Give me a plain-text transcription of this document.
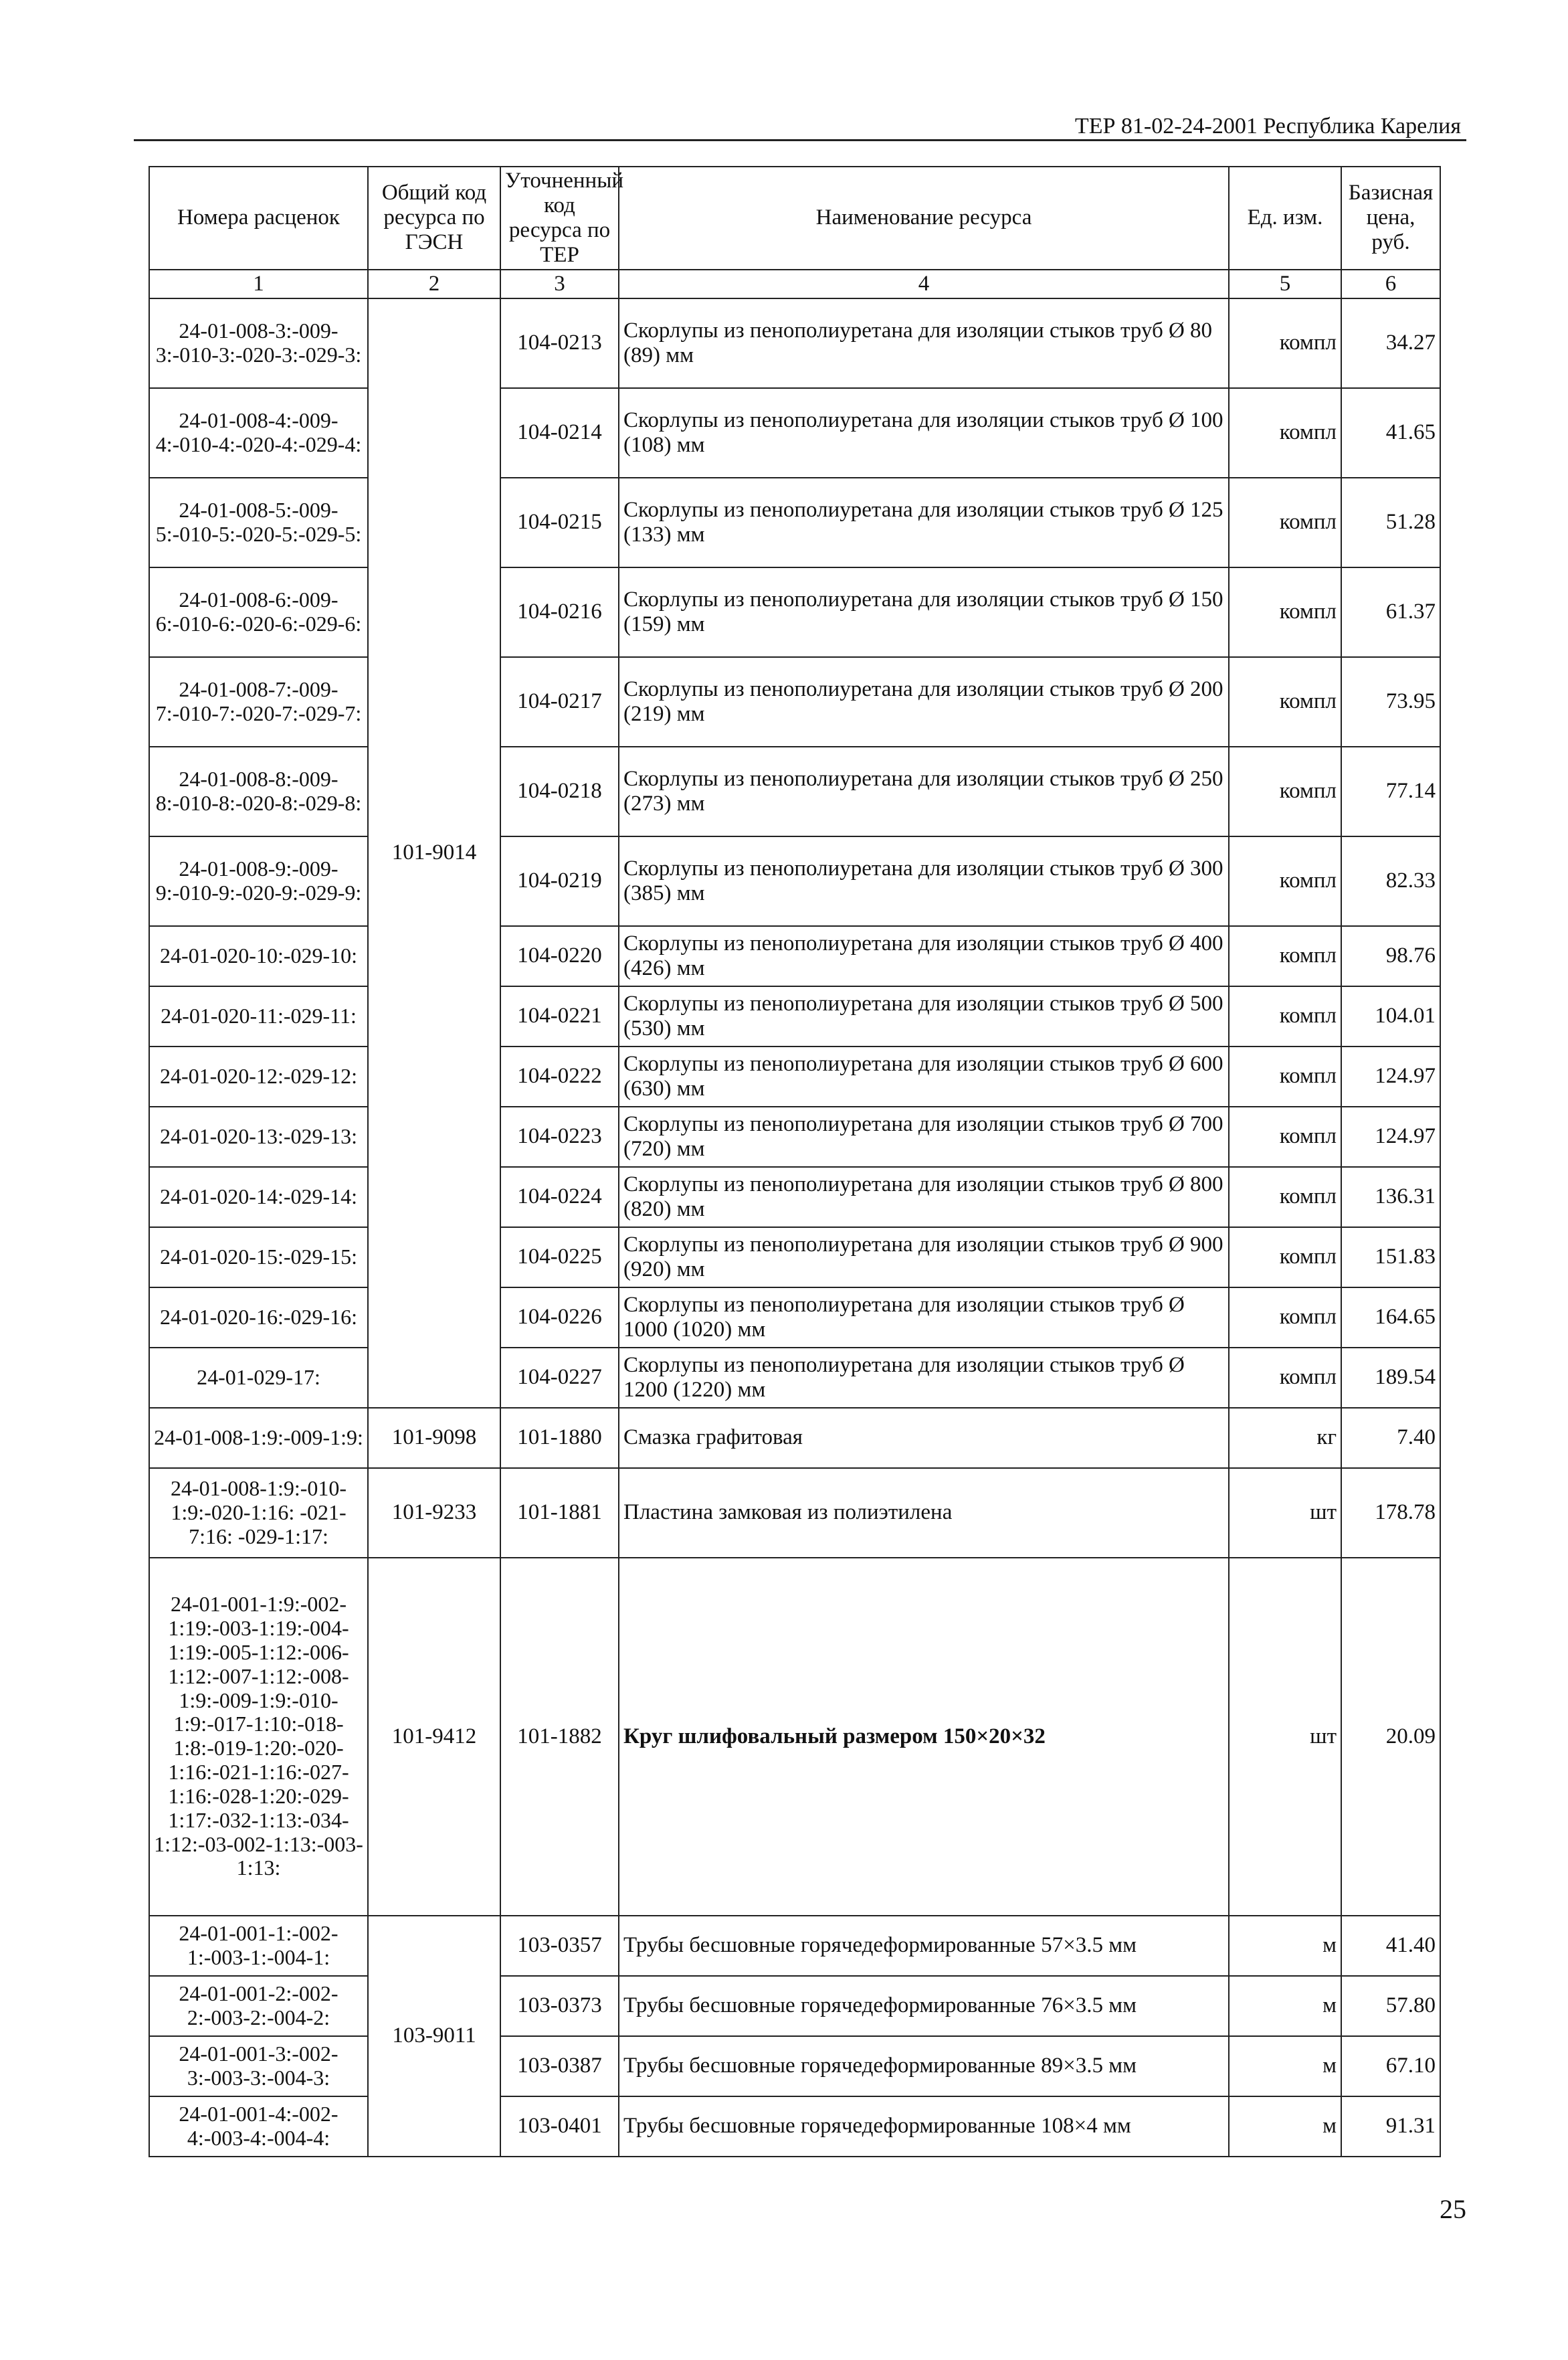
ТЕР 81-02-24-2001 Республика Карелия
Номера расценок	Общий код ресурса по ГЭСН	Уточненный код ресурса по ТЕР	Наименование ресурса	Ед. изм.	Базисная цена, руб.
1	2	3	4	5	6
24-01-008-3:-009-3:-010-3:-020-3:-029-3:	101-9014	104-0213	Скорлупы из пенополиуретана для изоляции стыков труб Ø 80 (89) мм	компл	34.27
24-01-008-4:-009-4:-010-4:-020-4:-029-4:		104-0214	Скорлупы из пенополиуретана для изоляции стыков труб Ø 100 (108) мм	компл	41.65
24-01-008-5:-009-5:-010-5:-020-5:-029-5:		104-0215	Скорлупы из пенополиуретана для изоляции стыков труб Ø 125 (133) мм	компл	51.28
24-01-008-6:-009-6:-010-6:-020-6:-029-6:		104-0216	Скорлупы из пенополиуретана для изоляции стыков труб Ø 150 (159) мм	компл	61.37
24-01-008-7:-009-7:-010-7:-020-7:-029-7:		104-0217	Скорлупы из пенополиуретана для изоляции стыков труб Ø 200 (219) мм	компл	73.95
24-01-008-8:-009-8:-010-8:-020-8:-029-8:		104-0218	Скорлупы из пенополиуретана для изоляции стыков труб Ø 250 (273) мм	компл	77.14
24-01-008-9:-009-9:-010-9:-020-9:-029-9:		104-0219	Скорлупы из пенополиуретана для изоляции стыков труб Ø 300 (385) мм	компл	82.33
24-01-020-10:-029-10:		104-0220	Скорлупы из пенополиуретана для изоляции стыков труб Ø 400 (426) мм	компл	98.76
24-01-020-11:-029-11:		104-0221	Скорлупы из пенополиуретана для изоляции стыков труб Ø 500 (530) мм	компл	104.01
24-01-020-12:-029-12:		104-0222	Скорлупы из пенополиуретана для изоляции стыков труб Ø 600 (630) мм	компл	124.97
24-01-020-13:-029-13:		104-0223	Скорлупы из пенополиуретана для изоляции стыков труб Ø 700 (720) мм	компл	124.97
24-01-020-14:-029-14:		104-0224	Скорлупы из пенополиуретана для изоляции стыков труб Ø 800 (820) мм	компл	136.31
24-01-020-15:-029-15:		104-0225	Скорлупы из пенополиуретана для изоляции стыков труб Ø 900 (920) мм	компл	151.83
24-01-020-16:-029-16:		104-0226	Скорлупы из пенополиуретана для изоляции стыков труб Ø 1000 (1020) мм	компл	164.65
24-01-029-17:		104-0227	Скорлупы из пенополиуретана для изоляции стыков труб Ø 1200 (1220) мм	компл	189.54
24-01-008-1:9:-009-1:9:	101-9098	101-1880	Смазка графитовая	кг	7.40
24-01-008-1:9:-010-1:9:-020-1:16: -021-7:16: -029-1:17:	101-9233	101-1881	Пластина замковая из полиэтилена	шт	178.78
24-01-001-1:9:-002-1:19:-003-1:19:-004-1:19:-005-1:12:-006-1:12:-007-1:12:-008-1:9:-009-1:9:-010-1:9:-017-1:10:-018-1:8:-019-1:20:-020-1:16:-021-1:16:-027-1:16:-028-1:20:-029-1:17:-032-1:13:-034-1:12:-03-002-1:13:-003-1:13:	101-9412	101-1882	Круг шлифовальный размером 150×20×32	шт	20.09
24-01-001-1:-002-1:-003-1:-004-1:	103-9011	103-0357	Трубы бесшовные горячедеформированные 57×3.5 мм	м	41.40
24-01-001-2:-002-2:-003-2:-004-2:		103-0373	Трубы бесшовные горячедеформированные 76×3.5 мм	м	57.80
24-01-001-3:-002-3:-003-3:-004-3:		103-0387	Трубы бесшовные горячедеформированные 89×3.5 мм	м	67.10
24-01-001-4:-002-4:-003-4:-004-4:		103-0401	Трубы бесшовные горячедеформированные 108×4 мм	м	91.31
25
